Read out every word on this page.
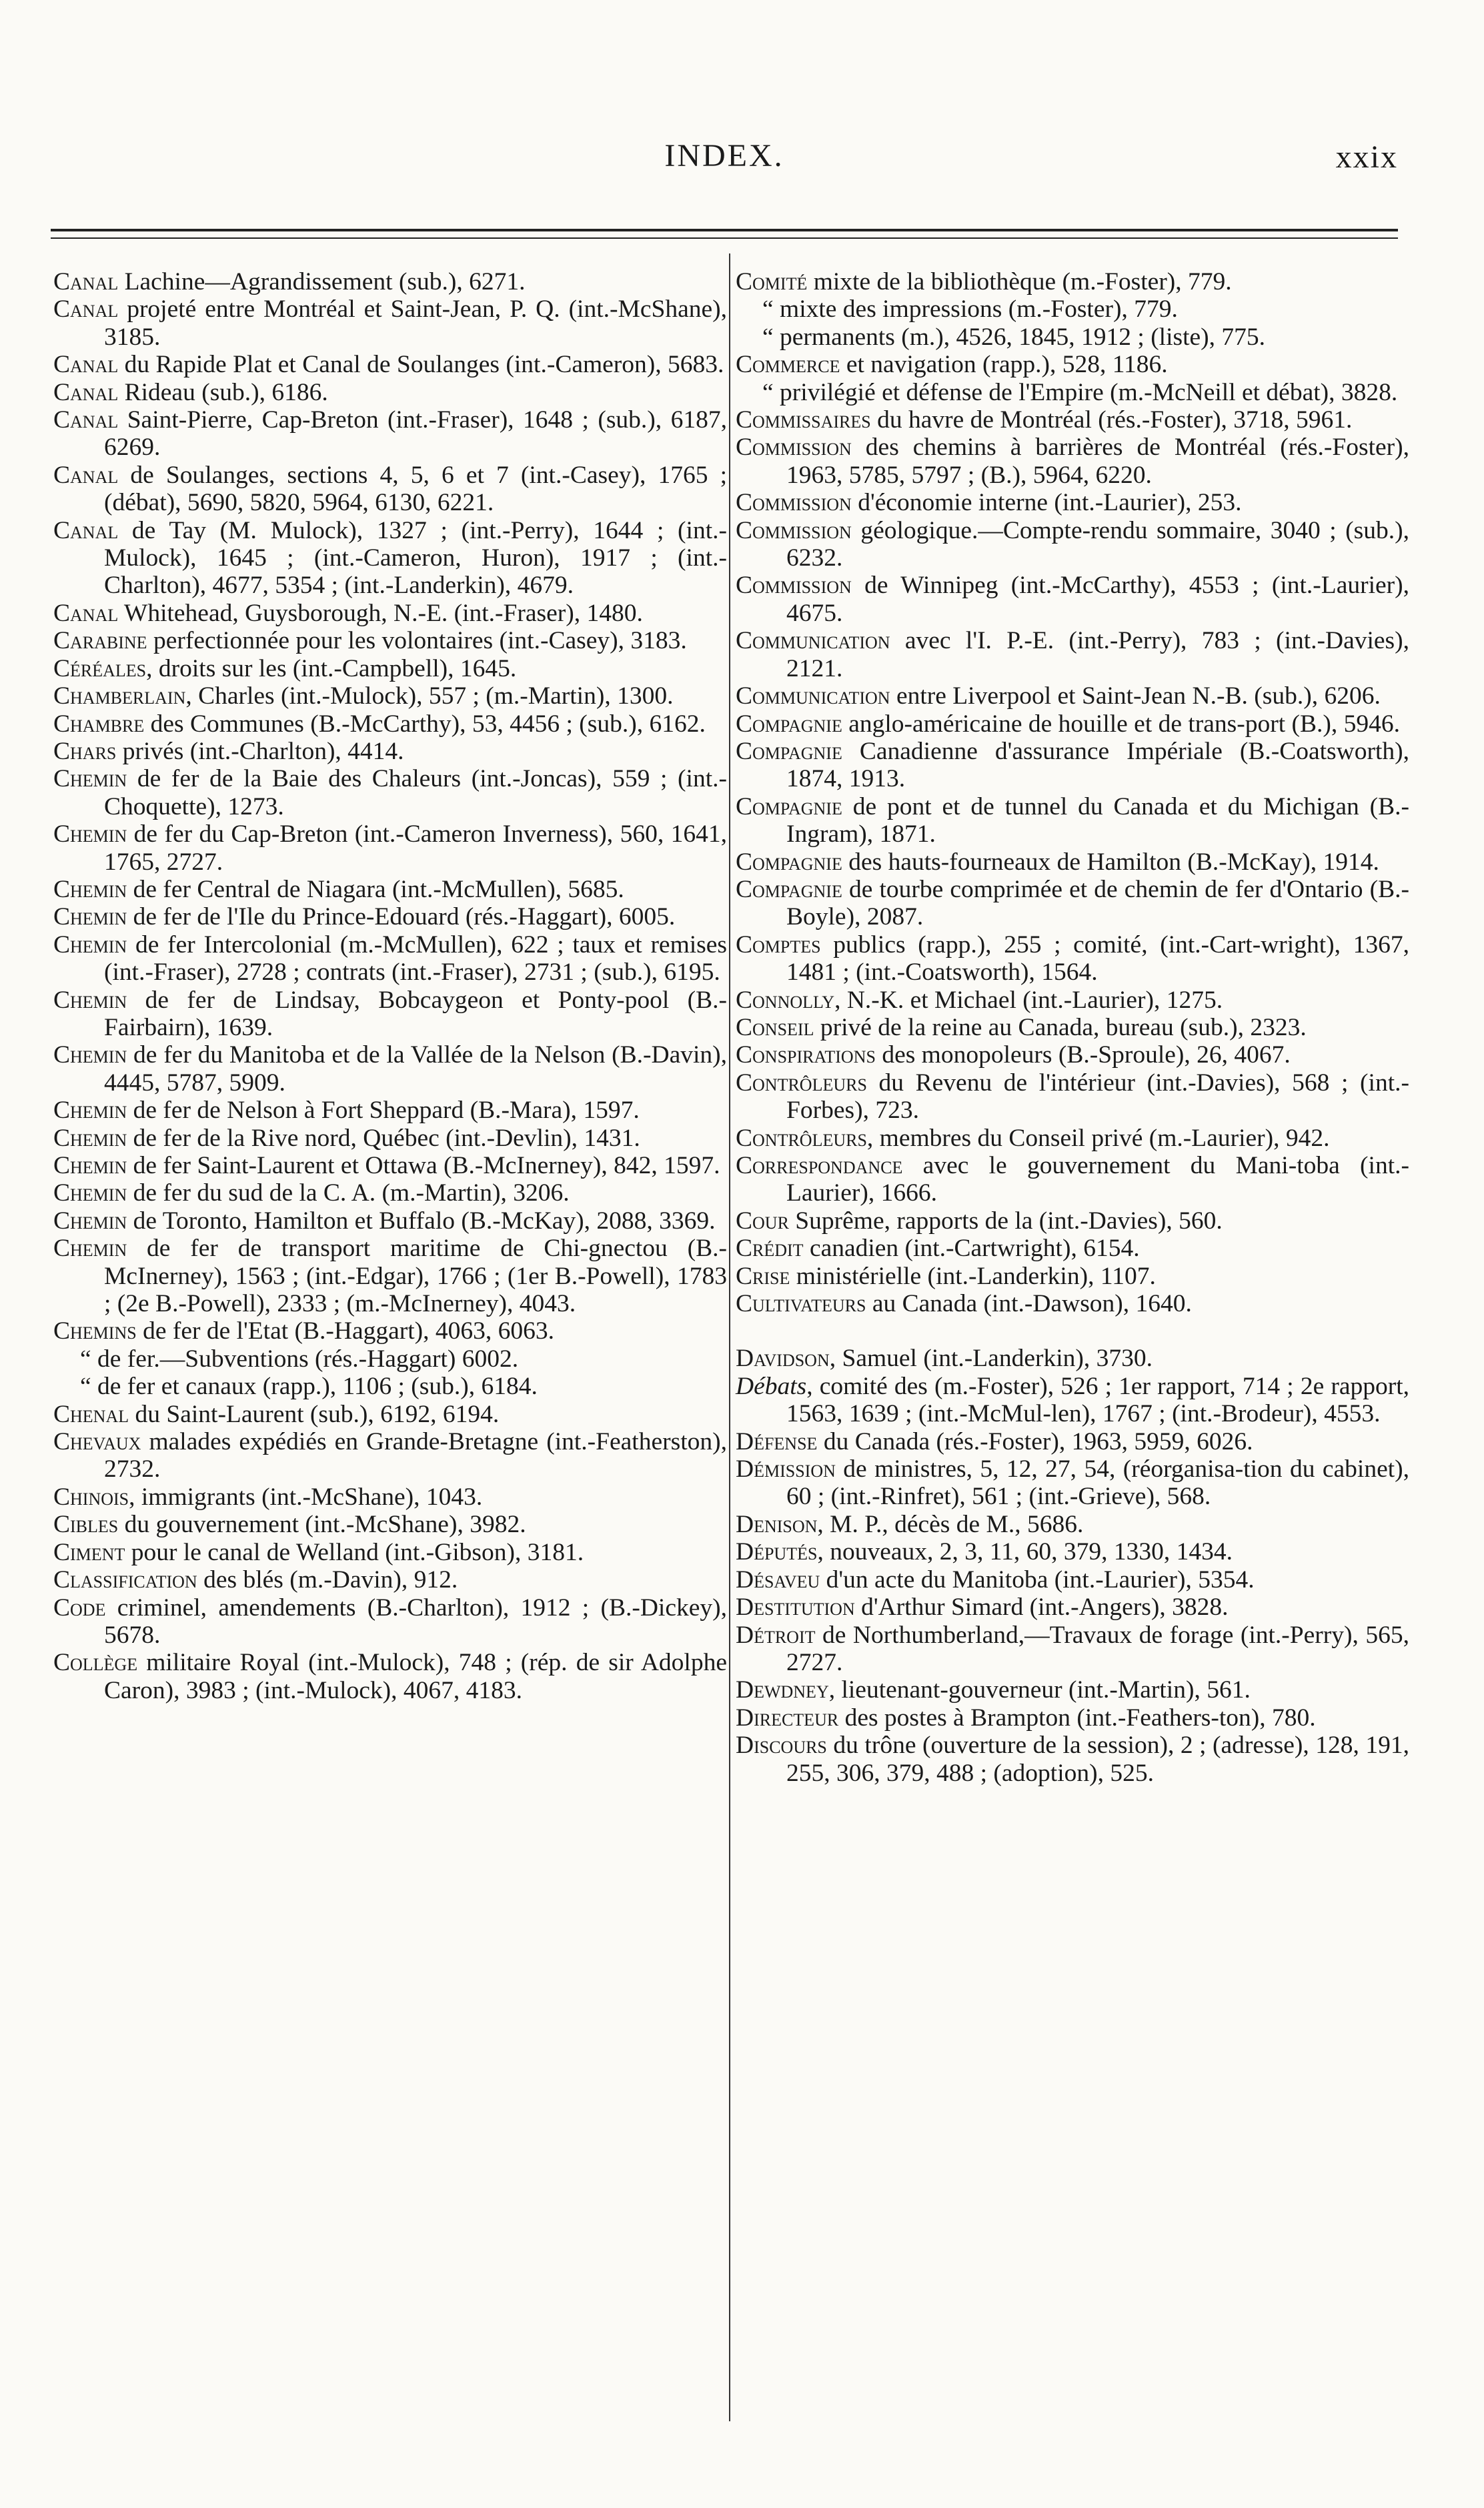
INDEX.	xxix

Canal Lachine—Agrandissement (sub.), 6271.

Canal projeté entre Montréal et Saint-Jean, P. Q. (int.-McShane), 3185.

Canal du Rapide Plat et Canal de Soulanges (int.-Cameron), 5683.

Canal Rideau (sub.), 6186.

Canal Saint-Pierre, Cap-Breton (int.-Fraser), 1648 ; (sub.), 6187, 6269.

Canal de Soulanges, sections 4, 5, 6 et 7 (int.-Casey), 1765 ; (débat), 5690, 5820, 5964, 6130, 6221.

Canal de Tay (M. Mulock), 1327 ; (int.-Perry), 1644 ; (int.-Mulock), 1645 ; (int.-Cameron, Huron), 1917 ; (int.-Charlton), 4677, 5354 ; (int.-Landerkin), 4679.

Canal Whitehead, Guysborough, N.-E. (int.-Fraser), 1480.

Carabine perfectionnée pour les volontaires (int.-Casey), 3183.

Céréales, droits sur les (int.-Campbell), 1645.

Chamberlain, Charles (int.-Mulock), 557 ; (m.-Martin), 1300.

Chambre des Communes (B.-McCarthy), 53, 4456 ; (sub.), 6162.

Chars privés (int.-Charlton), 4414.

Chemin de fer de la Baie des Chaleurs (int.-Joncas), 559 ; (int.-Choquette), 1273.

Chemin de fer du Cap-Breton (int.-Cameron Inverness), 560, 1641, 1765, 2727.

Chemin de fer Central de Niagara (int.-McMullen), 5685.

Chemin de fer de l'Ile du Prince-Edouard (rés.-Haggart), 6005.

Chemin de fer Intercolonial (m.-McMullen), 622 ; taux et remises (int.-Fraser), 2728 ; contrats (int.-Fraser), 2731 ; (sub.), 6195.

Chemin de fer de Lindsay, Bobcaygeon et Ponty-pool (B.-Fairbairn), 1639.

Chemin de fer du Manitoba et de la Vallée de la Nelson (B.-Davin), 4445, 5787, 5909.

Chemin de fer de Nelson à Fort Sheppard (B.-Mara), 1597.

Chemin de fer de la Rive nord, Québec (int.-Devlin), 1431.

Chemin de fer Saint-Laurent et Ottawa (B.-McInerney), 842, 1597.

Chemin de fer du sud de la C. A. (m.-Martin), 3206.

Chemin de Toronto, Hamilton et Buffalo (B.-McKay), 2088, 3369.

Chemin de fer de transport maritime de Chi-gnectou (B.-McInerney), 1563 ; (int.-Edgar), 1766 ; (1er B.-Powell), 1783 ; (2e B.-Powell), 2333 ; (m.-McInerney), 4043.

Chemins de fer de l'Etat (B.-Haggart), 4063, 6063.

“ de fer.—Subventions (rés.-Haggart) 6002.

“ de fer et canaux (rapp.), 1106 ; (sub.), 6184.

Chenal du Saint-Laurent (sub.), 6192, 6194.

Chevaux malades expédiés en Grande-Bretagne (int.-Featherston), 2732.

Chinois, immigrants (int.-McShane), 1043.

Cibles du gouvernement (int.-McShane), 3982.

Ciment pour le canal de Welland (int.-Gibson), 3181.

Classification des blés (m.-Davin), 912.

Code criminel, amendements (B.-Charlton), 1912 ; (B.-Dickey), 5678.

Collège militaire Royal (int.-Mulock), 748 ; (rép. de sir Adolphe Caron), 3983 ; (int.-Mulock), 4067, 4183.

Comité mixte de la bibliothèque (m.-Foster), 779.

“ mixte des impressions (m.-Foster), 779.

“ permanents (m.), 4526, 1845, 1912 ; (liste), 775.

Commerce et navigation (rapp.), 528, 1186.

“ privilégié et défense de l'Empire (m.-McNeill et débat), 3828.

Commissaires du havre de Montréal (rés.-Foster), 3718, 5961.

Commission des chemins à barrières de Montréal (rés.-Foster), 1963, 5785, 5797 ; (B.), 5964, 6220.

Commission d'économie interne (int.-Laurier), 253.

Commission géologique.—Compte-rendu sommaire, 3040 ; (sub.), 6232.

Commission de Winnipeg (int.-McCarthy), 4553 ; (int.-Laurier), 4675.

Communication avec l'I. P.-E. (int.-Perry), 783 ; (int.-Davies), 2121.

Communication entre Liverpool et Saint-Jean N.-B. (sub.), 6206.

Compagnie anglo-américaine de houille et de trans-port (B.), 5946.

Compagnie Canadienne d'assurance Impériale (B.-Coatsworth), 1874, 1913.

Compagnie de pont et de tunnel du Canada et du Michigan (B.-Ingram), 1871.

Compagnie des hauts-fourneaux de Hamilton (B.-McKay), 1914.

Compagnie de tourbe comprimée et de chemin de fer d'Ontario (B.-Boyle), 2087.

Comptes publics (rapp.), 255 ; comité, (int.-Cart-wright), 1367, 1481 ; (int.-Coatsworth), 1564.

Connolly, N.-K. et Michael (int.-Laurier), 1275.

Conseil privé de la reine au Canada, bureau (sub.), 2323.

Conspirations des monopoleurs (B.-Sproule), 26, 4067.

Contrôleurs du Revenu de l'intérieur (int.-Davies), 568 ; (int.-Forbes), 723.

Contrôleurs, membres du Conseil privé (m.-Laurier), 942.

Correspondance avec le gouvernement du Mani-toba (int.-Laurier), 1666.

Cour Suprême, rapports de la (int.-Davies), 560.

Crédit canadien (int.-Cartwright), 6154.

Crise ministérielle (int.-Landerkin), 1107.

Cultivateurs au Canada (int.-Dawson), 1640.

Davidson, Samuel (int.-Landerkin), 3730.

Débats, comité des (m.-Foster), 526 ; 1er rapport, 714 ; 2e rapport, 1563, 1639 ; (int.-McMul-len), 1767 ; (int.-Brodeur), 4553.

Défense du Canada (rés.-Foster), 1963, 5959, 6026.

Démission de ministres, 5, 12, 27, 54, (réorganisa-tion du cabinet), 60 ; (int.-Rinfret), 561 ; (int.-Grieve), 568.

Denison, M. P., décès de M., 5686.

Députés, nouveaux, 2, 3, 11, 60, 379, 1330, 1434.

Désaveu d'un acte du Manitoba (int.-Laurier), 5354.

Destitution d'Arthur Simard (int.-Angers), 3828.

Détroit de Northumberland,—Travaux de forage (int.-Perry), 565, 2727.

Dewdney, lieutenant-gouverneur (int.-Martin), 561.

Directeur des postes à Brampton (int.-Feathers-ton), 780.

Discours du trône (ouverture de la session), 2 ; (adresse), 128, 191, 255, 306, 379, 488 ; (adoption), 525.
